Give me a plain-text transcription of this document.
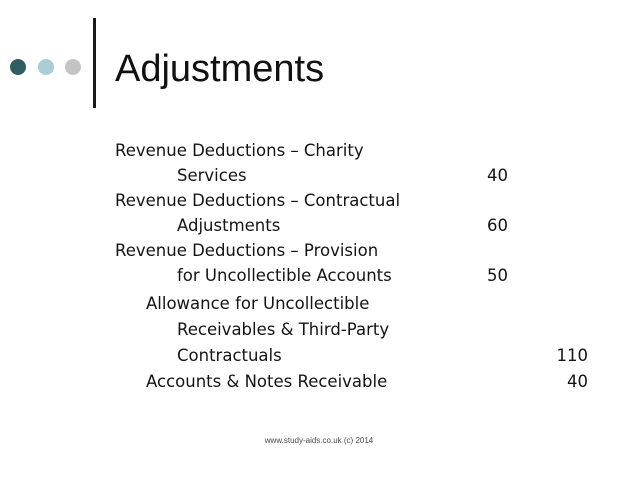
Adjustments
Revenue Deductions – Charity
Services	40
Revenue Deductions – Contractual
Adjustments	60
Revenue Deductions – Provision
for Uncollectible Accounts	50
Allowance for Uncollectible
Receivables & Third-Party
Contractuals	110
Accounts & Notes Receivable	40
www.study-aids.co.uk (c) 2014
